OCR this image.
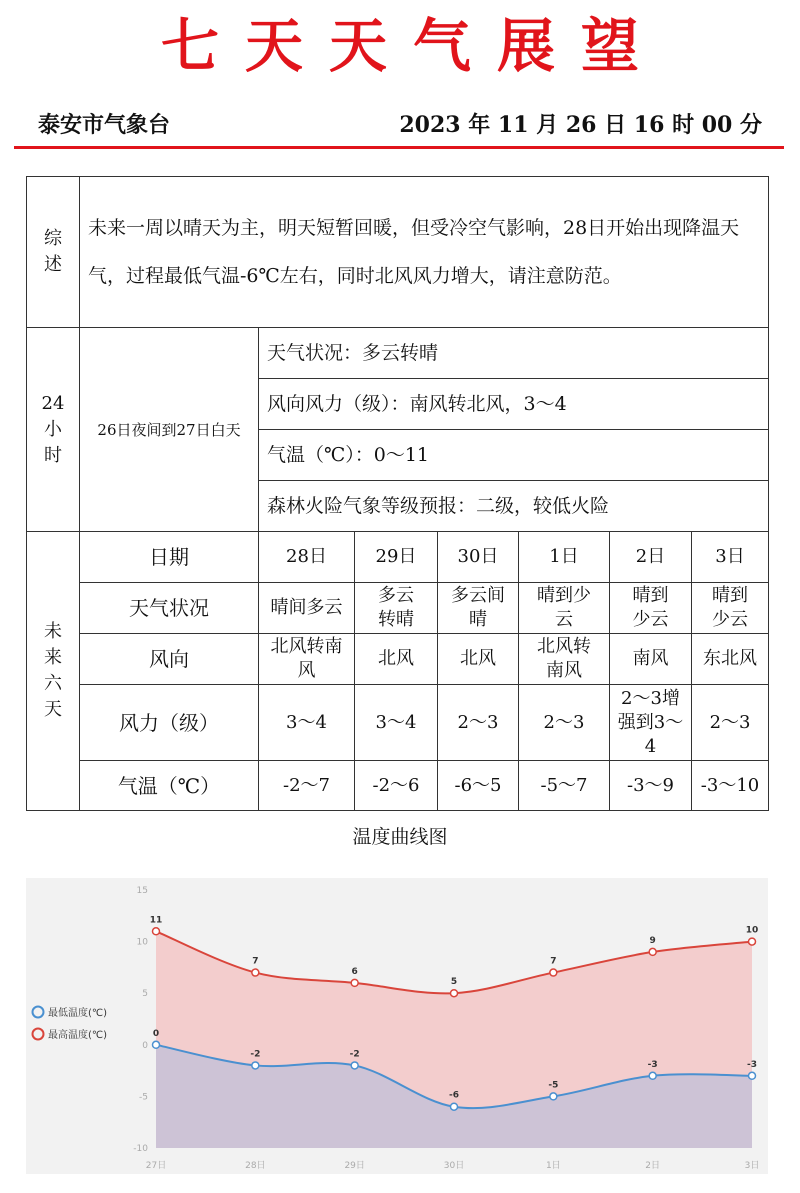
七天天气展望
泰安市气象台	2023 年 11 月 26 日 16 时 00 分
综
述	未来一周以晴天为主，明天短暂回暖，但受冷空气影响，28日开始出现降温天气，过程最低气温-6℃左右，同时北风风力增大，请注意防范。						
24
小
时	26日夜间到27日白天	天气状况：多云转晴					
		风向风力（级）：南风转北风，3～4					
		气温（℃）：0～11					
		森林火险气象等级预报：二级，较低火险					
未
来
六
天	日期	28日	29日	30日	1日	2日	3日
	天气状况	晴间多云	多云转晴	多云间晴	晴到少云	晴到少云	晴到少云
	风向	北风转南风	北风	北风	北风转南风	南风	东北风
	风力（级）	3～4	3～4	2～3	2～3	2～3增强到3～4	2～3
	气温（℃）	-2～7	-2～6	-6～5	-5～7	-3～9	-3～10
温度曲线图
15
10
5
0
-5
-10
27日	28日	29日	30日	1日	2日	3日
11
7
6
5
7
9
10
0
-2	-2
-6
-5
-3	-3
最低温度(℃)
最高温度(℃)
